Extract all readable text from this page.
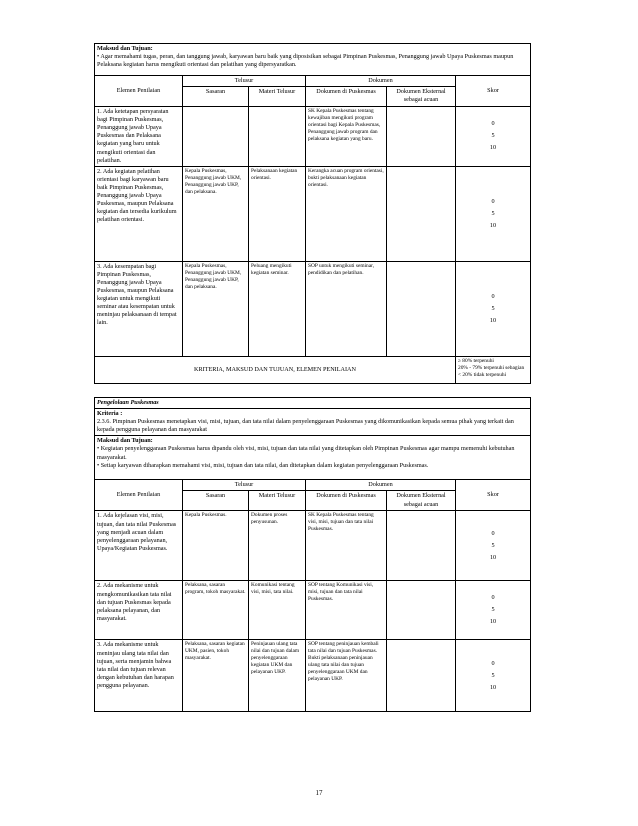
Maksud dan Tujuan:
• Agar memahami tugas, peran, dan tanggung jawab, karyawan baru baik yang diposisikan sebagai Pimpinan Puskesmas, Penanggung jawab Upaya Puskesmas maupun Pelaksana kegiatan harus mengikuti orientasi dan pelatihan yang dipersyaratkan.					

Elemen Penilaian	Telusur		Dokumen		Skor
	Sasaran	Materi Telusur	Dokumen di Puskesmas	Dokumen Eksternal sebagai acuan	
1. Ada ketetapan persyaratan bagi Pimpinan Puskesmas, Penanggung jawab Upaya Puskesmas dan Pelaksana kegiatan yang baru untuk mengikuti orientasi dan pelatihan.			SK Kepala Puskesmas tentang kewajiban mengikuti program orientasi bagi Kepala Puskesmas, Penanggung jawab program dan pelaksana kegiatan yang baru.		0
5
10

2. Ada kegiatan pelatihan orientasi bagi karyawan baru baik Pimpinan Puskesmas, Penanggung jawab Upaya Puskesmas, maupun Pelaksana kegiatan dan tersedia kurikulum pelatihan orientasi.	Kepala Puskesmas, Penanggung jawab UKM, Penanggung jawab UKP, dan pelaksana.	Pelaksanaan kegiatan orientasi.	Kerangka acuan program orientasi, bukti pelaksanaan kegiatan orientasi.		0
5
10

3. Ada kesempatan bagi Pimpinan Puskesmas, Penanggung jawab Upaya Puskesmas, maupun Pelaksana kegiatan untuk mengikuti seminar atau kesempatan untuk meninjau pelaksanaan di tempat lain.	Kepala Puskesmas, Penanggung jawab UKM, Penanggung jawab UKP, dan pelaksana.	Peluang mengikuti kegiatan seminar.	SOP untuk mengikuti seminar, pendidikan dan pelatihan.		0
5
10

KRITERIA, MAKSUD DAN TUJUAN, ELEMEN PENILAIAN					≥ 80% terpenuhi
20% - 79% terpenuhi sebagian
< 20% tidak terpenuhi
Pengelolaan Puskesmas					

Kriteria :
2.3.6. Pimpinan Puskesmas menetapkan visi, misi, tujuan, dan tata nilai dalam penyelenggaraan Puskesmas yang dikomunikasikan kepada semua pihak yang terkait dan kepada pengguna pelayanan dan masyarakat					

Maksud dan Tujuan:
• Kegiatan penyelenggaraan Puskesmas harus dipandu oleh visi, misi, tujuan dan tata nilai yang ditetapkan oleh Pimpinan Puskesmas agar mampu memenuhi kebutuhan masyarakat.
• Setiap karyawan diharapkan memahami visi, misi, tujuan dan tata nilai, dan ditetapkan dalam kegiatan penyelenggaraan Puskesmas.					

Elemen Penilaian	Telusur		Dokumen		Skor
	Sasaran	Materi Telusur	Dokumen di Puskesmas	Dokumen Eksternal sebagai acuan	
1. Ada kejelasan visi, misi, tujuan, dan tata nilai Puskesmas yang menjadi acuan dalam penyelenggaraan pelayanan, Upaya/Kegiatan Puskesmas.	Kepala Puskesmas.	Dokumen proses penyusunan.	SK Kepala Puskesmas tentang visi, misi, tujuan dan tata nilai Puskesmas.		0
5
10

2. Ada mekanisme untuk mengkomunikasikan tata nilai dan tujuan Puskesmas kepada pelaksana pelayanan, dan masyarakat.	Pelaksana, sasaran program, tokoh masyarakat.	Komunikasi tentang visi, misi, tata nilai.	SOP tentang Komunikasi visi, misi, tujuan dan tata nilai Puskesmas.		0
5
10

3. Ada mekanisme untuk meninjau ulang tata nilai dan tujuan, serta menjamin bahwa tata nilai dan tujuan relevan dengan kebutuhan dan harapan pengguna pelayanan.	Pelaksana, sasaran kegiatan UKM, pasien, tokoh masyarakat.	Peninjauan ulang tata nilai dan tujuan dalam penyelenggaraan kegiatan UKM dan pelayanan UKP.	SOP tentang peninjauan kembali tata nilai dan tujuan Puskesmas. Bukti pelaksanaan peninjauan ulang tata nilai dan tujuan penyelenggaraan UKM dan pelayanan UKP.		0
5
10
17
